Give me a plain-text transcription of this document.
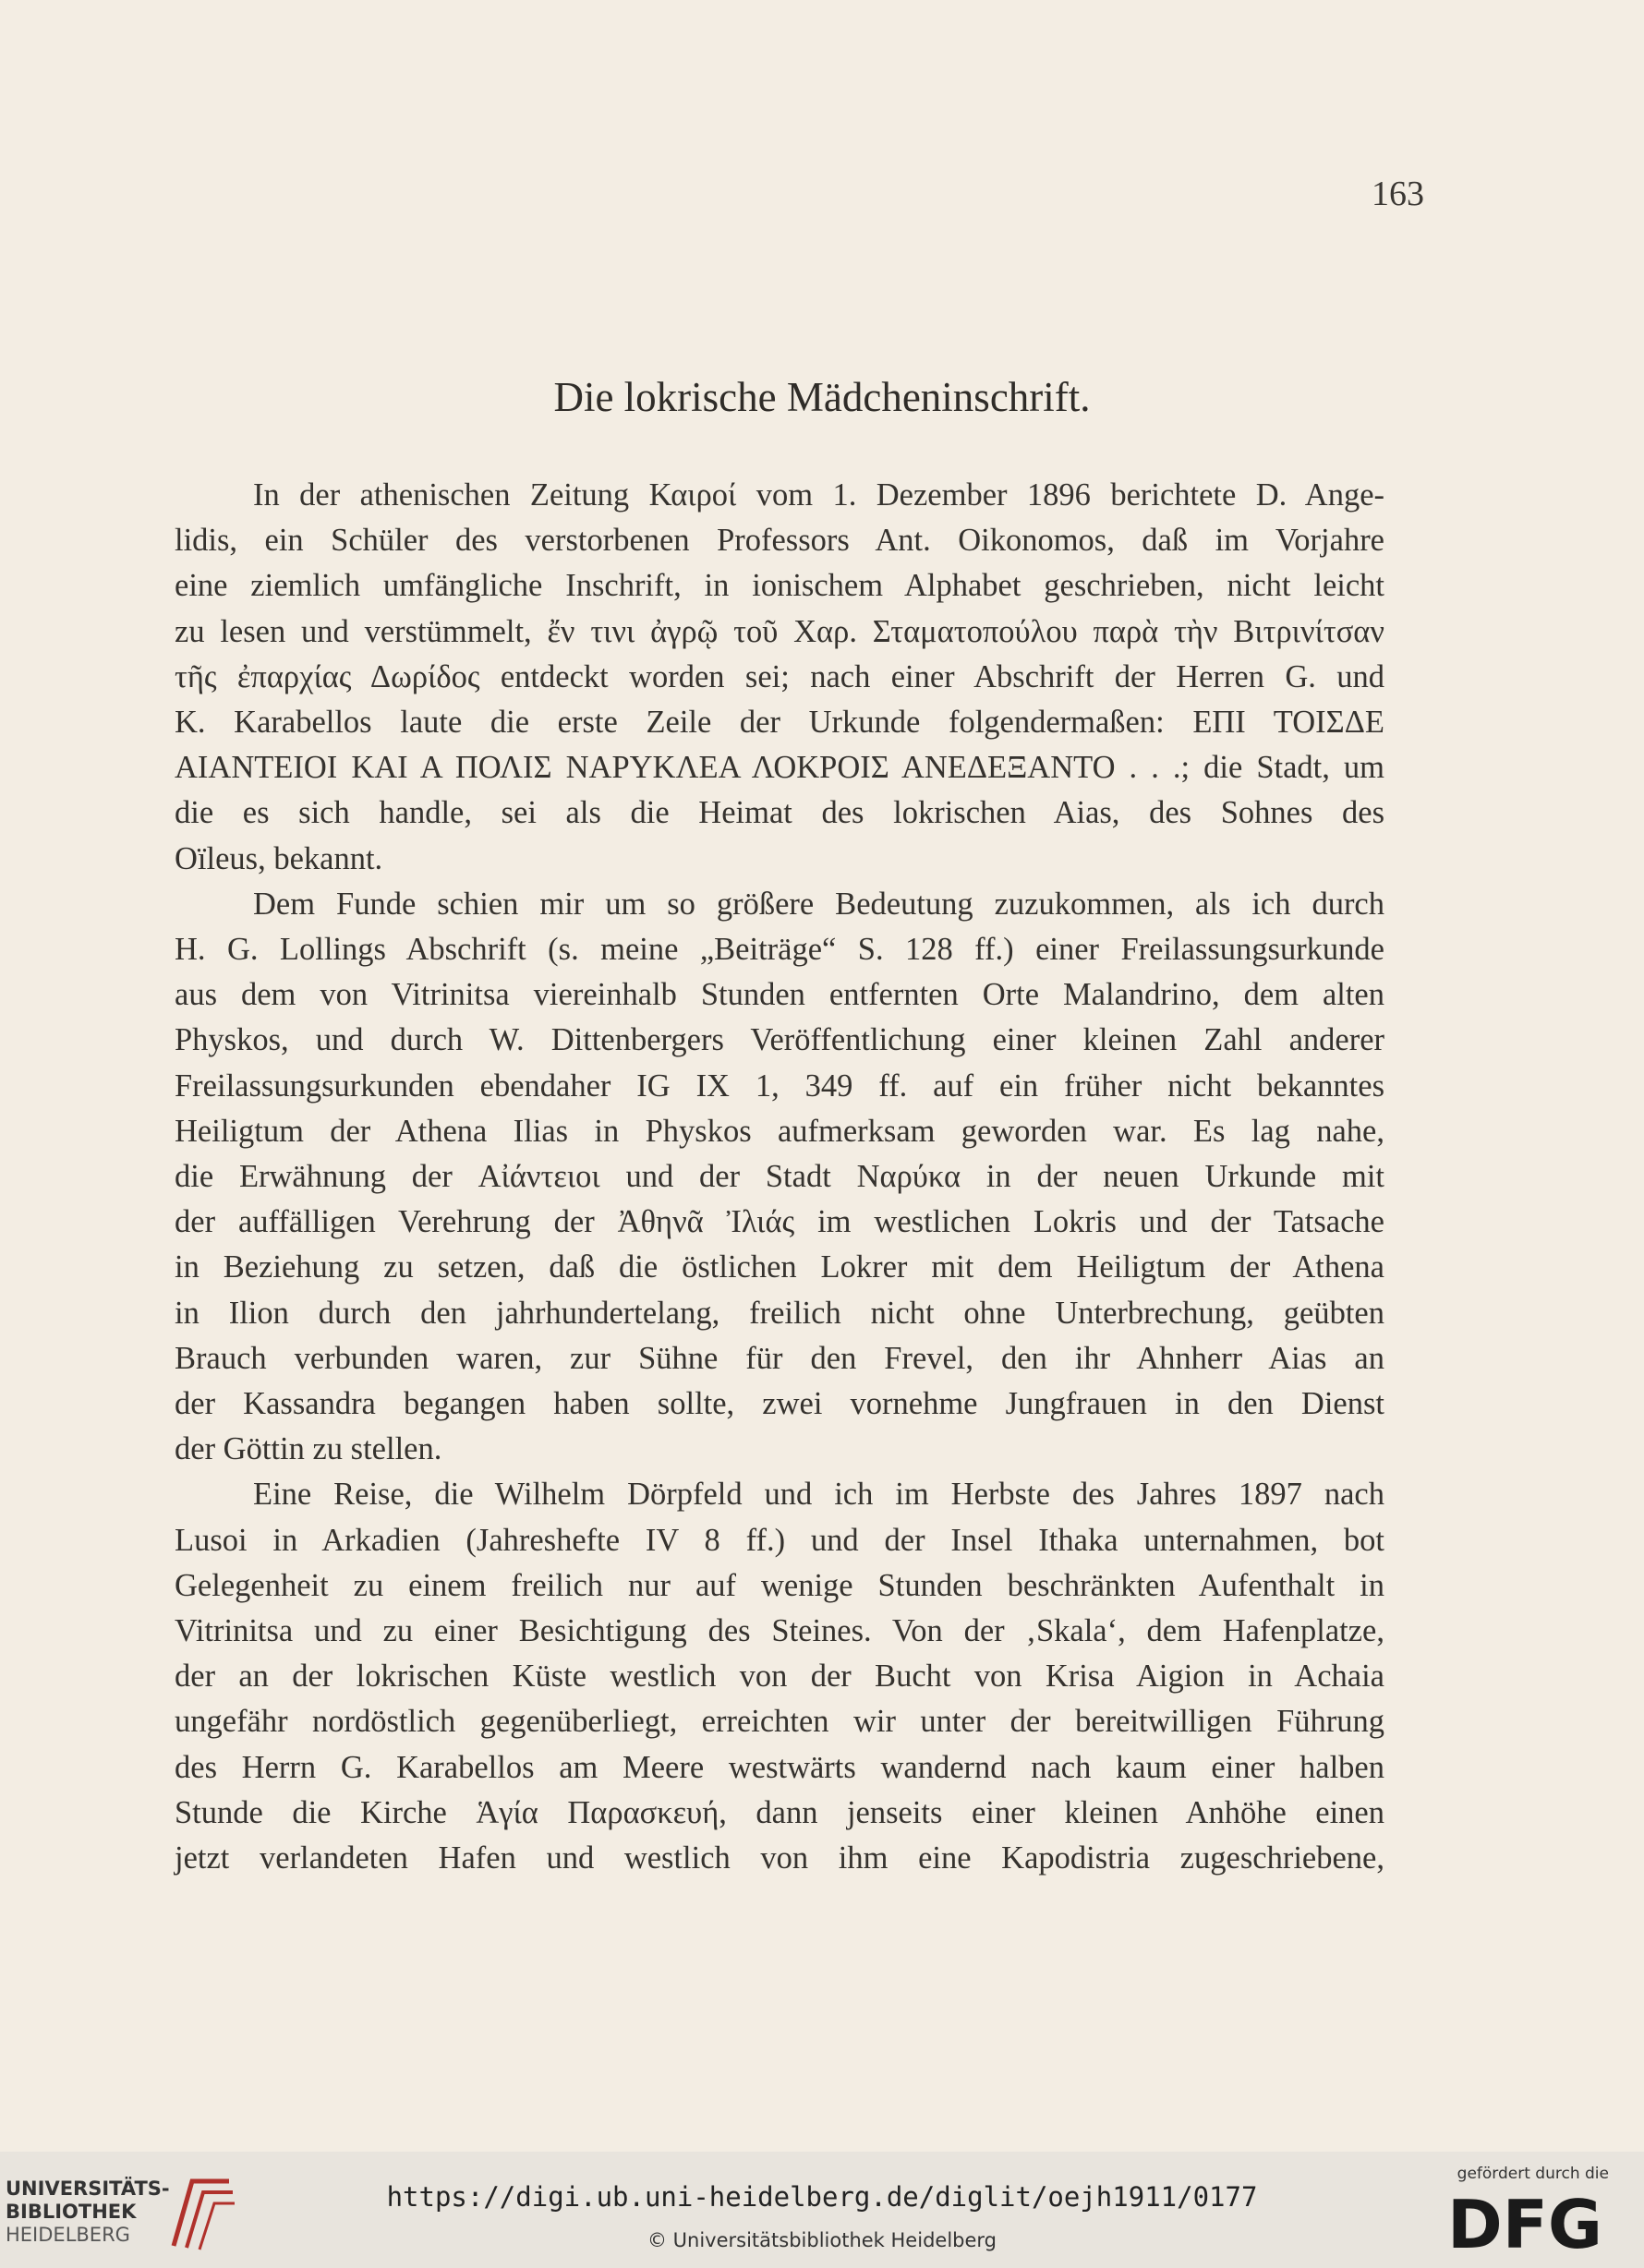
163
Die lokrische Mädcheninschrift.
In der athenischen Zeitung Καιροί vom 1. Dezember 1896 berichtete D. Ange-
lidis, ein Schüler des verstorbenen Professors Ant. Oikonomos, daß im Vorjahre
eine ziemlich umfängliche Inschrift, in ionischem Alphabet geschrieben, nicht leicht
zu lesen und verstümmelt, ἔν τινι ἀγρῷ τοῦ Χαρ. Σταματοπούλου παρὰ τὴν Βιτρινίτσαν
τῆς ἐπαρχίας Δωρίδος entdeckt worden sei; nach einer Abschrift der Herren G. und
K. Karabellos laute die erste Zeile der Urkunde folgendermaßen: ΕΠΙ ΤΟΙΣΔΕ
ΑΙΑΝΤΕΙΟΙ ΚΑΙ Α ΠΟΛΙΣ ΝΑΡΥΚΛΕΑ ΛΟΚΡΟΙΣ ΑΝΕΔΕΞΑΝΤΟ . . .; die Stadt, um
die es sich handle, sei als die Heimat des lokrischen Aias, des Sohnes des
Oïleus, bekannt.
Dem Funde schien mir um so größere Bedeutung zuzukommen, als ich durch
H. G. Lollings Abschrift (s. meine „Beiträge“ S. 128 ff.) einer Freilassungsurkunde
aus dem von Vitrinitsa viereinhalb Stunden entfernten Orte Malandrino, dem alten
Physkos, und durch W. Dittenbergers Veröffentlichung einer kleinen Zahl anderer
Freilassungsurkunden ebendaher IG IX 1, 349 ff. auf ein früher nicht bekanntes
Heiligtum der Athena Ilias in Physkos aufmerksam geworden war. Es lag nahe,
die Erwähnung der Αἰάντειοι und der Stadt Ναρύκα in der neuen Urkunde mit
der auffälligen Verehrung der Ἀθηνᾶ Ἰλιάς im westlichen Lokris und der Tatsache
in Beziehung zu setzen, daß die östlichen Lokrer mit dem Heiligtum der Athena
in Ilion durch den jahrhundertelang, freilich nicht ohne Unterbrechung, geübten
Brauch verbunden waren, zur Sühne für den Frevel, den ihr Ahnherr Aias an
der Kassandra begangen haben sollte, zwei vornehme Jungfrauen in den Dienst
der Göttin zu stellen.
Eine Reise, die Wilhelm Dörpfeld und ich im Herbste des Jahres 1897 nach
Lusoi in Arkadien (Jahreshefte IV 8 ff.) und der Insel Ithaka unternahmen, bot
Gelegenheit zu einem freilich nur auf wenige Stunden beschränkten Aufenthalt in
Vitrinitsa und zu einer Besichtigung des Steines. Von der ‚Skala‘, dem Hafenplatze,
der an der lokrischen Küste westlich von der Bucht von Krisa Aigion in Achaia
ungefähr nordöstlich gegenüberliegt, erreichten wir unter der bereitwilligen Führung
des Herrn G. Karabellos am Meere westwärts wandernd nach kaum einer halben
Stunde die Kirche Ἁγία Παρασκευή, dann jenseits einer kleinen Anhöhe einen
jetzt verlandeten Hafen und westlich von ihm eine Kapodistria zugeschriebene,
UNIVERSITÄTS-
BIBLIOTHEK
HEIDELBERG
https://digi.ub.uni-heidelberg.de/diglit/oejh1911/0177
© Universitätsbibliothek Heidelberg
gefördert durch die
DFG
